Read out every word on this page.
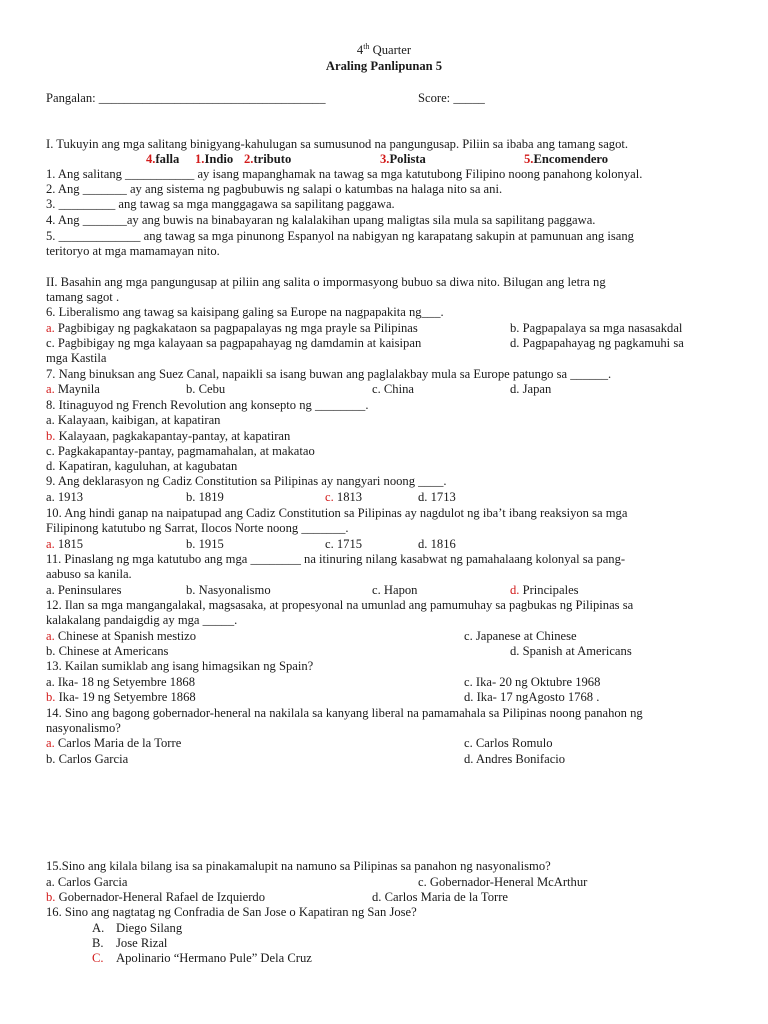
4th Quarter
Araling Panlipunan 5
Pangalan: ____________________________________	Score: _____
I. Tukuyin ang mga salitang binigyang-kahulugan sa sumusunod na pangungusap. Piliin sa ibaba ang tamang sagot.
4.falla 1.Indio 2.tributo	3.Polista	5.Encomendero
1. Ang salitang ___________ ay isang mapanghamak na tawag sa mga katutubong Filipino noong panahong kolonyal.
2. Ang _______ ay ang sistema ng pagbubuwis ng salapi o katumbas na halaga nito sa ani.
3. _________ ang tawag sa mga manggagawa sa sapilitang paggawa.
4. Ang _______ay ang buwis na binabayaran ng kalalakihan upang maligtas sila mula sa sapilitang paggawa.
5. _____________ ang tawag sa mga pinunong Espanyol na nabigyan ng karapatang sakupin at pamunuan ang isang
teritoryo at mga mamamayan nito.
II. Basahin ang mga pangungusap at piliin ang salita o impormasyong bubuo sa diwa nito. Bilugan ang letra ng
tamang sagot .
6. Liberalismo ang tawag sa kaisipang galing sa Europe na nagpapakita ng___.
a. Pagbibigay ng pagkakataon sa pagpapalayas ng mga prayle sa Pilipinas	b. Pagpapalaya sa mga nasasakdal
c. Pagbibigay ng mga kalayaan sa pagpapahayag ng damdamin at kaisipan	d. Pagpapahayag ng pagkamuhi sa
mga Kastila
7. Nang binuksan ang Suez Canal, napaikli sa isang buwan ang paglalakbay mula sa Europe patungo sa ______.
a. Maynila	b. Cebu	c. China	d. Japan
8. Itinaguyod ng French Revolution ang konsepto ng ________.
a. Kalayaan, kaibigan, at kapatiran
b. Kalayaan, pagkakapantay-pantay, at kapatiran
c. Pagkakapantay-pantay, pagmamahalan, at makatao
d. Kapatiran, kaguluhan, at kagubatan
9. Ang deklarasyon ng Cadiz Constitution sa Pilipinas ay nangyari noong ____.
a. 1913	b. 1819	c. 1813	d. 1713
10. Ang hindi ganap na naipatupad ang Cadiz Constitution sa Pilipinas ay nagdulot ng iba’t ibang reaksiyon sa mga
Filipinong katutubo ng Sarrat, Ilocos Norte noong _______.
a. 1815	b. 1915	c. 1715	d. 1816
11. Pinaslang ng mga katutubo ang mga ________ na itinuring nilang kasabwat ng pamahalaang kolonyal sa pang-
aabuso sa kanila.
a. Peninsulares	b. Nasyonalismo	c. Hapon	d. Principales
12. Ilan sa mga mangangalakal, magsasaka, at propesyonal na umunlad ang pamumuhay sa pagbukas ng Pilipinas sa
kalakalang pandaigdig ay mga _____.
a. Chinese at Spanish mestizo	c. Japanese at Chinese
b. Chinese at Americans	d. Spanish at Americans
13. Kailan sumiklab ang isang himagsikan ng Spain?
a. Ika- 18 ng Setyembre 1868	c. Ika- 20 ng Oktubre 1968
b. Ika- 19 ng Setyembre 1868	d. Ika- 17 ngAgosto 1768 .
14. Sino ang bagong gobernador-heneral na nakilala sa kanyang liberal na pamamahala sa Pilipinas noong panahon ng
nasyonalismo?
a. Carlos Maria de la Torre	c. Carlos Romulo
b. Carlos Garcia	d. Andres Bonifacio
15.Sino ang kilala bilang isa sa pinakamalupit na namuno sa Pilipinas sa panahon ng nasyonalismo?
a. Carlos Garcia	c. Gobernador-Heneral McArthur
b. Gobernador-Heneral Rafael de Izquierdo	d. Carlos Maria de la Torre
16. Sino ang nagtatag ng Confradia de San Jose o Kapatiran ng San Jose?
A. Diego Silang
B. Jose Rizal
C. Apolinario “Hermano Pule” Dela Cruz
